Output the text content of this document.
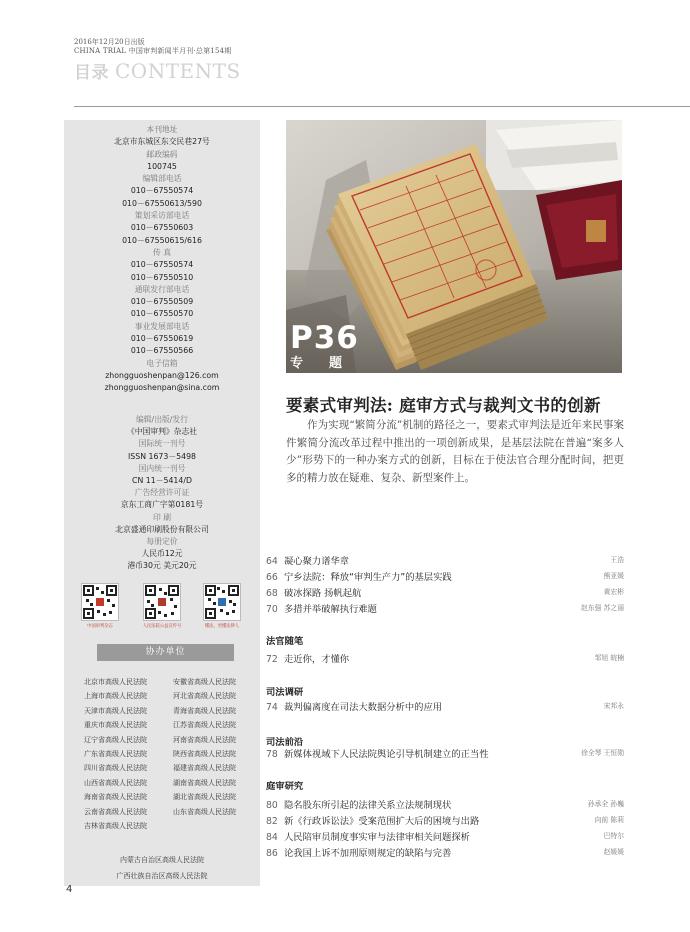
2016年12月20日出版
CHINA TRIAL 中国审判新闻半月刊·总第154期
目录 CONTENTS
本刊地址
北京市东城区东交民巷27号
邮政编码
100745
编辑部电话
010－67550574
010－67550613/590
策划采访部电话
010－67550603
010－67550615/616
传 真
010－67550574
010－67550510
通联发行部电话
010－67550509
010－67550570
事业发展部电话
010－67550619
010－67550566
电子信箱
zhongguoshenpan@126.com
zhongguoshenpan@sina.com
编辑/出版/发行
《中国审判》杂志社
国际统一刊号
ISSN 1673－5498
国内统一刊号
CN 11－5414/D
广告经营许可证
京东工商广字第0181号
印 刷
北京盛通印刷股份有限公司
每册定价
人民币12元
港币30元 美元20元
中国审判杂志	人民法院公益宣传号	懂法，更懂法律人
协办单位
北京市高级人民法院
上海市高级人民法院
天津市高级人民法院
重庆市高级人民法院
辽宁省高级人民法院
广东省高级人民法院
四川省高级人民法院
山西省高级人民法院
海南省高级人民法院
云南省高级人民法院
吉林省高级人民法院
安徽省高级人民法院
河北省高级人民法院
青海省高级人民法院
江苏省高级人民法院
河南省高级人民法院
陕西省高级人民法院
福建省高级人民法院
湖南省高级人民法院
湖北省高级人民法院
山东省高级人民法院
内蒙古自治区高级人民法院
广西壮族自治区高级人民法院
P36
专题
要素式审判法: 庭审方式与裁判文书的创新
作为实现“繁简分流”机制的路径之一，要素式审判法是近年来民事案件繁简分流改革过程中推出的一项创新成果，是基层法院在普遍“案多人少”形势下的一种办案方式的创新，目标在于使法官合理分配时间，把更多的精力放在疑难、复杂、新型案件上。
64 凝心聚力谱华章	王浩
66 宁乡法院：释放“审判生产力”的基层实践	熊亚媛
68 破冰探路 扬帆起航	黄宏彬
70 多措并举破解执行难题	赵东强 苏之丽
法官随笔
72 走近你，才懂你	邹旭 皖楠
司法调研
74 裁判偏离度在司法大数据分析中的应用	宋邦永
司法前沿
78 新媒体视域下人民法院舆论引导机制建立的正当性	徐全琴 王恒勋
庭审研究
80 隐名股东所引起的法律关系立法规制现状	孙承全 孙巍
82 新《行政诉讼法》受案范围扩大后的困境与出路	向前 陈莉
84 人民陪审员制度事实审与法律审相关问题探析	巴特尔
86 论我国上诉不加刑原则规定的缺陷与完善	赵媛媛
4
